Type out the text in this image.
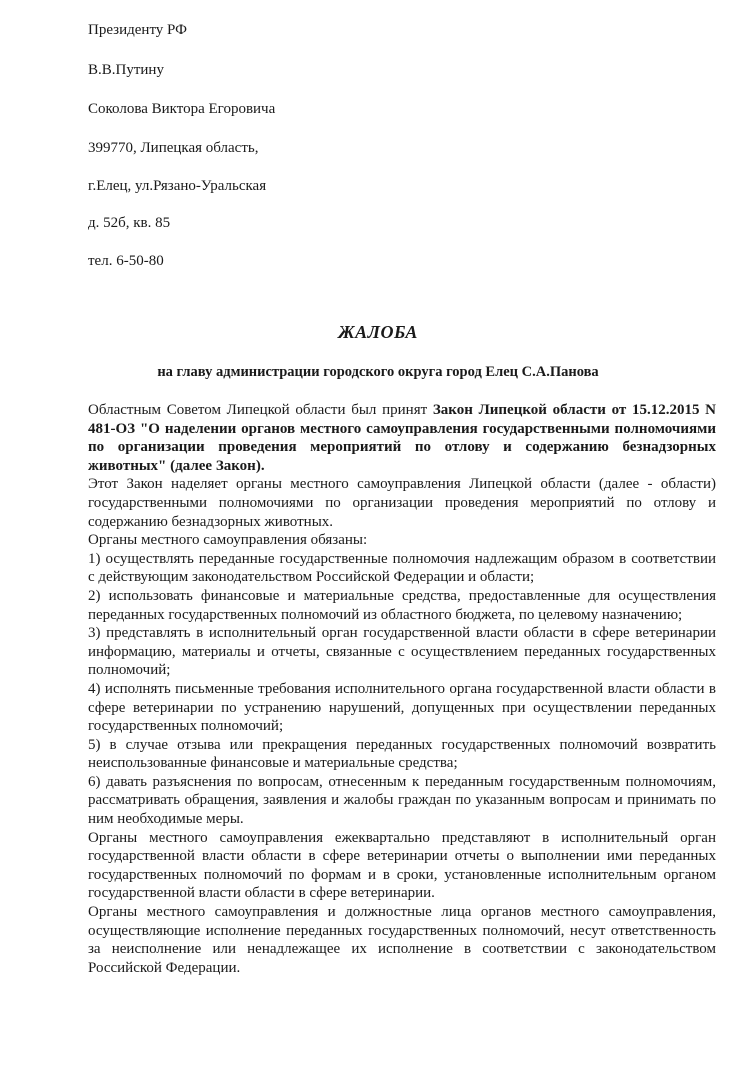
Президенту РФ
В.В.Путину
Соколова Виктора Егоровича
399770, Липецкая область,
г.Елец, ул.Рязано-Уральская
д. 52б, кв. 85
тел. 6-50-80
ЖАЛОБА
на главу администрации городского округа город Елец С.А.Панова

Областным Советом Липецкой области был принят Закон Липецкой области от 15.12.2015 N 481-ОЗ "О наделении органов местного самоуправления государственными полномочиями по организации проведения мероприятий по отлову и содержанию безнадзорных животных" (далее Закон).

Этот Закон наделяет органы местного самоуправления Липецкой области (далее - области) государственными полномочиями по организации проведения мероприятий по отлову и содержанию безнадзорных животных.

Органы местного самоуправления обязаны:

1) осуществлять переданные государственные полномочия надлежащим образом в соответствии с действующим законодательством Российской Федерации и области;

2) использовать финансовые и материальные средства, предоставленные для осуществления переданных государственных полномочий из областного бюджета, по целевому назначению;

3) представлять в исполнительный орган государственной власти области в сфере ветеринарии информацию, материалы и отчеты, связанные с осуществлением переданных государственных полномочий;

4) исполнять письменные требования исполнительного органа государственной власти области в сфере ветеринарии по устранению нарушений, допущенных при осуществлении переданных государственных полномочий;

5) в случае отзыва или прекращения переданных государственных полномочий возвратить неиспользованные финансовые и материальные средства;

6) давать разъяснения по вопросам, отнесенным к переданным государственным полномочиям, рассматривать обращения, заявления и жалобы граждан по указанным вопросам и принимать по ним необходимые меры.

Органы местного самоуправления ежеквартально представляют в исполнительный орган государственной власти области в сфере ветеринарии отчеты о выполнении ими переданных государственных полномочий по формам и в сроки, установленные исполнительным органом государственной власти области в сфере ветеринарии.

Органы местного самоуправления и должностные лица органов местного самоуправления, осуществляющие исполнение переданных государственных полномочий, несут ответственность за неисполнение или ненадлежащее их исполнение в соответствии с законодательством Российской Федерации.
